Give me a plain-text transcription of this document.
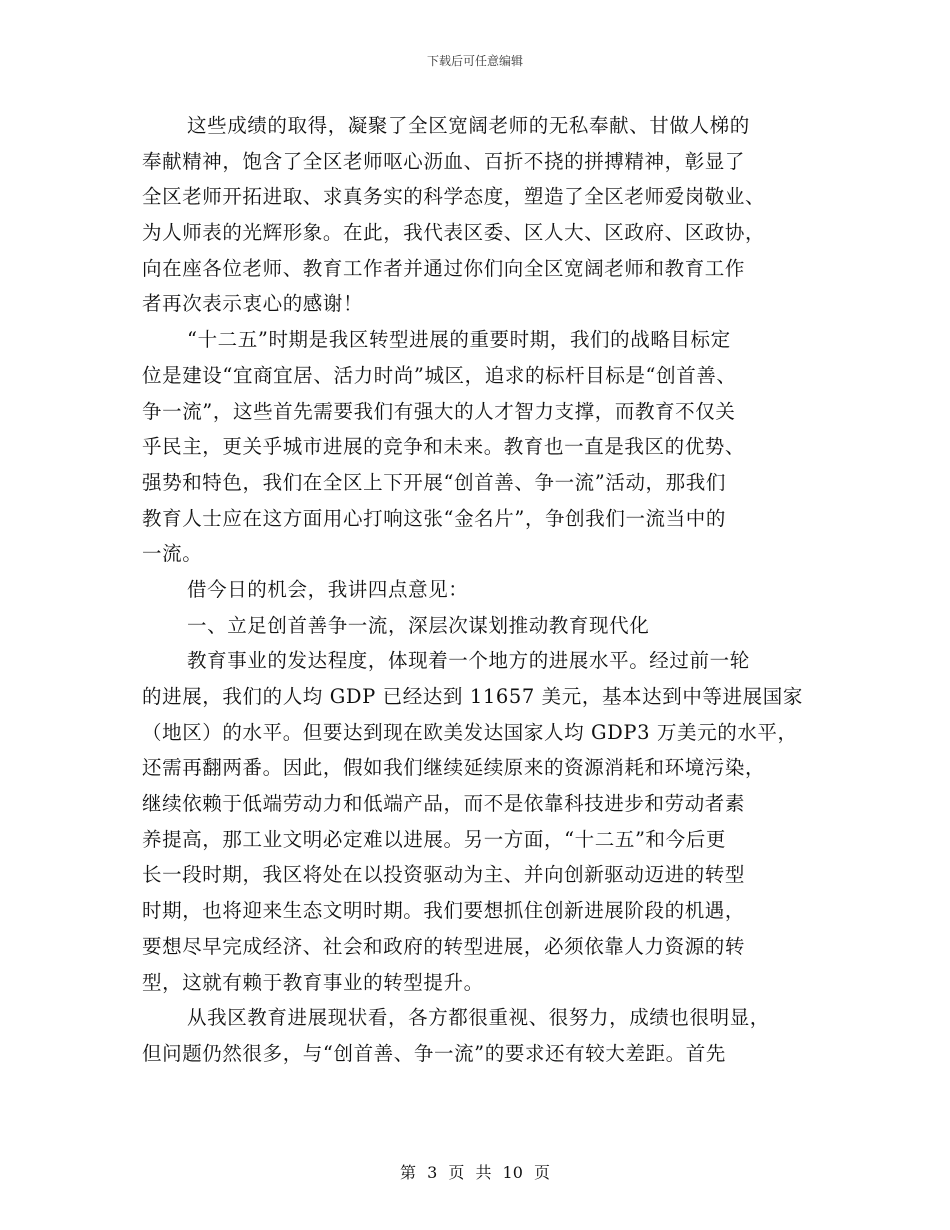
下载后可任意编辑
这些成绩的取得，凝聚了全区宽阔老师的无私奉献、甘做人梯的
奉献精神，饱含了全区老师呕心沥血、百折不挠的拼搏精神，彰显了
全区老师开拓进取、求真务实的科学态度，塑造了全区老师爱岗敬业、
为人师表的光辉形象。在此，我代表区委、区人大、区政府、区政协，
向在座各位老师、教育工作者并通过你们向全区宽阔老师和教育工作
者再次表示衷心的感谢！
“十二五”时期是我区转型进展的重要时期，我们的战略目标定
位是建设“宜商宜居、活力时尚”城区，追求的标杆目标是“创首善、
争一流”，这些首先需要我们有强大的人才智力支撑，而教育不仅关
乎民主，更关乎城市进展的竞争和未来。教育也一直是我区的优势、
强势和特色，我们在全区上下开展“创首善、争一流”活动，那我们
教育人士应在这方面用心打响这张“金名片”，争创我们一流当中的
一流。
借今日的机会，我讲四点意见：
一、立足创首善争一流，深层次谋划推动教育现代化
教育事业的发达程度，体现着一个地方的进展水平。经过前一轮
的进展，我们的人均 GDP 已经达到 11657 美元，基本达到中等进展国家
（地区）的水平。但要达到现在欧美发达国家人均 GDP3 万美元的水平，
还需再翻两番。因此，假如我们继续延续原来的资源消耗和环境污染，
继续依赖于低端劳动力和低端产品，而不是依靠科技进步和劳动者素
养提高，那工业文明必定难以进展。另一方面，“十二五”和今后更
长一段时期，我区将处在以投资驱动为主、并向创新驱动迈进的转型
时期，也将迎来生态文明时期。我们要想抓住创新进展阶段的机遇，
要想尽早完成经济、社会和政府的转型进展，必须依靠人力资源的转
型，这就有赖于教育事业的转型提升。
从我区教育进展现状看，各方都很重视、很努力，成绩也很明显，
但问题仍然很多，与“创首善、争一流”的要求还有较大差距。首先
第 3 页 共 10 页
